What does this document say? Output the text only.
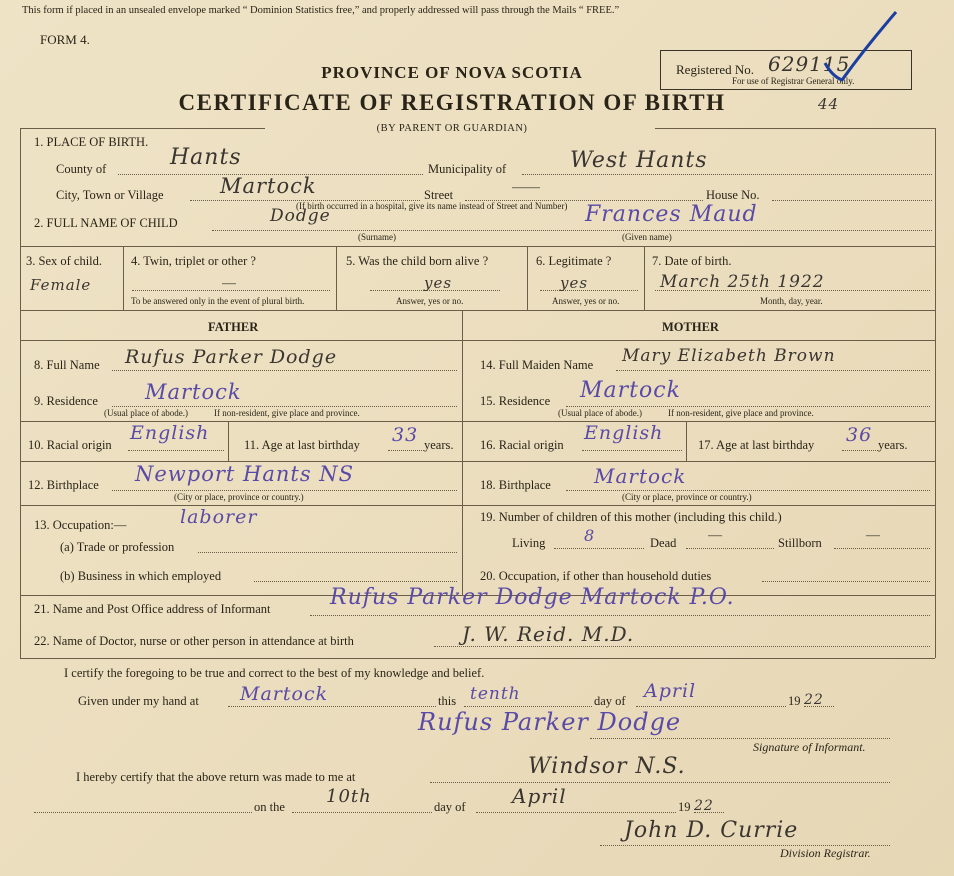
This form if placed in an unsealed envelope marked “ Dominion Statistics free,” and properly addressed will pass through the Mails “ FREE.”
FORM 4.
Registered No. 629115
For use of Registrar General only.
44
PROVINCE OF NOVA SCOTIA
CERTIFICATE OF REGISTRATION OF BIRTH
(BY PARENT OR GUARDIAN)
1. PLACE OF BIRTH.
County of	Hants	Municipality of	West Hants
City, Town or Village	Martock	Street	——	House No.
(If birth occurred in a hospital, give its name instead of Street and Number)
2. FULL NAME OF CHILD	Dodge	Frances Maud
(Surname)	(Given name)
3. Sex of child.
Female
4. Twin, triplet or other ?
—
To be answered only in the event of plural birth.
5. Was the child born alive ?
yes
Answer, yes or no.
6. Legitimate ?
yes
Answer, yes or no.
7. Date of birth.
March 25th 1922
Month, day, year.
FATHER	MOTHER
8. Full Name Rufus Parker Dodge
9. Residence Martock
(Usual place of abode.)	If non-resident, give place and province.
10. Racial origin
English
11. Age at last birthday 33 years.
12. Birthplace Newport Hants NS
(City or place, province or country.)
13. Occupation:—	laborer
(a) Trade or profession
(b) Business in which employed
14. Full Maiden Name Mary Elizabeth Brown
15. Residence Martock
(Usual place of abode.)	If non-resident, give place and province.
16. Racial origin
English
17. Age at last birthday 36 years.
18. Birthplace Martock
(City or place, province or country.)
19. Number of children of this mother (including this child.)
Living 8	Dead —	Stillborn	—
20. Occupation, if other than household duties
21. Name and Post Office address of Informant	Rufus Parker Dodge Martock P.O.
22. Name of Doctor, nurse or other person in attendance at birth	J. W. Reid. M.D.
I certify the foregoing to be true and correct to the best of my knowledge and belief.
Given under my hand at Martock	this tenth	day of April	19 22
Rufus Parker Dodge
Signature of Informant.
I hereby certify that the above return was made to me at	Windsor N.S.
on the 10th	day of April	19 22
John D. Currie
Division Registrar.
